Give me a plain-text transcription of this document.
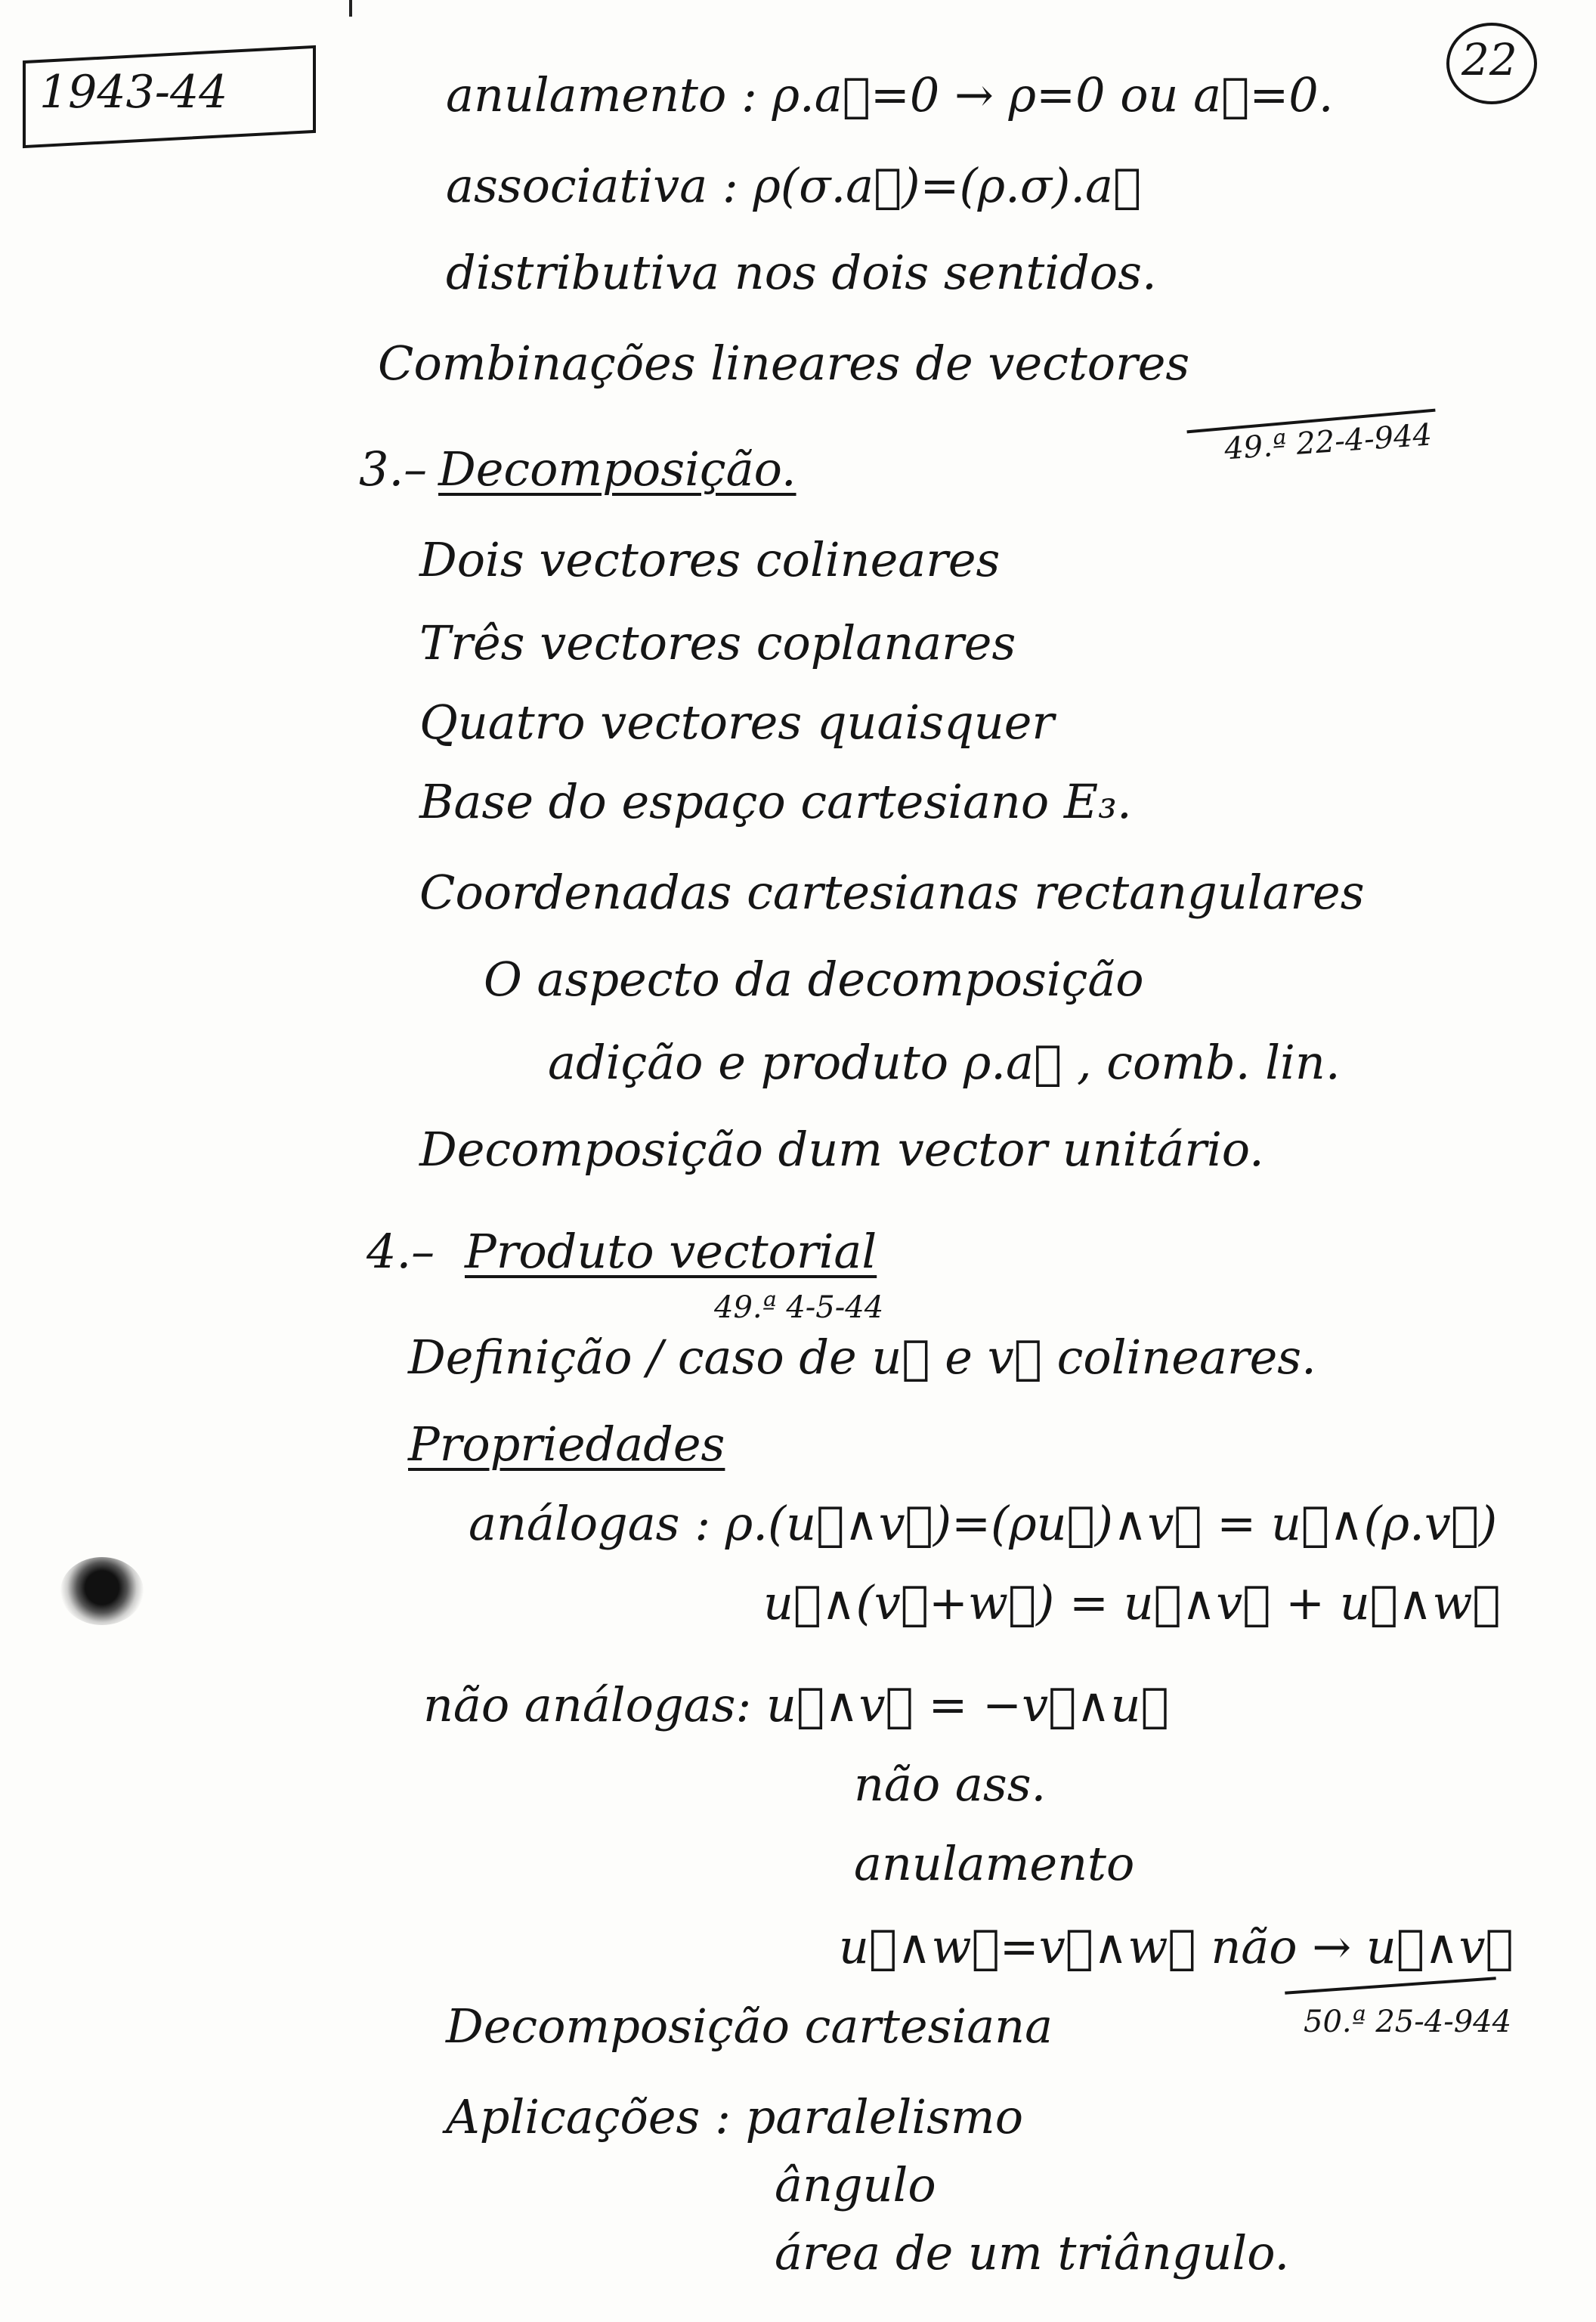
1943-44
22
anulamento : ρ.a⃗=0 → ρ=0 ou a⃗=0.
associativa : ρ(σ.a⃗)=(ρ.σ).a⃗
distributiva nos dois sentidos.
Combinações lineares de vectores
49.ª 22-4-944
3.– Decomposição.
Dois vectores colineares
Três vectores coplanares
Quatro vectores quaisquer
Base do espaço cartesiano E₃.
Coordenadas cartesianas rectangulares
O aspecto da decomposição
adição e produto ρ.a⃗ , comb. lin.
Decomposição dum vector unitário.
4.– Produto vectorial
49.ª 4-5-44
Definição / caso de u⃗ e v⃗ colineares.
Propriedades
análogas : ρ.(u⃗∧v⃗)=(ρu⃗)∧v⃗ = u⃗∧(ρ.v⃗)
u⃗∧(v⃗+w⃗) = u⃗∧v⃗ + u⃗∧w⃗
não análogas: u⃗∧v⃗ = −v⃗∧u⃗
não ass.
anulamento
u⃗∧w⃗=v⃗∧w⃗ não → u⃗∧v⃗
Decomposição cartesiana	50.ª 25-4-944
Aplicações : paralelismo
ângulo
área de um triângulo.
